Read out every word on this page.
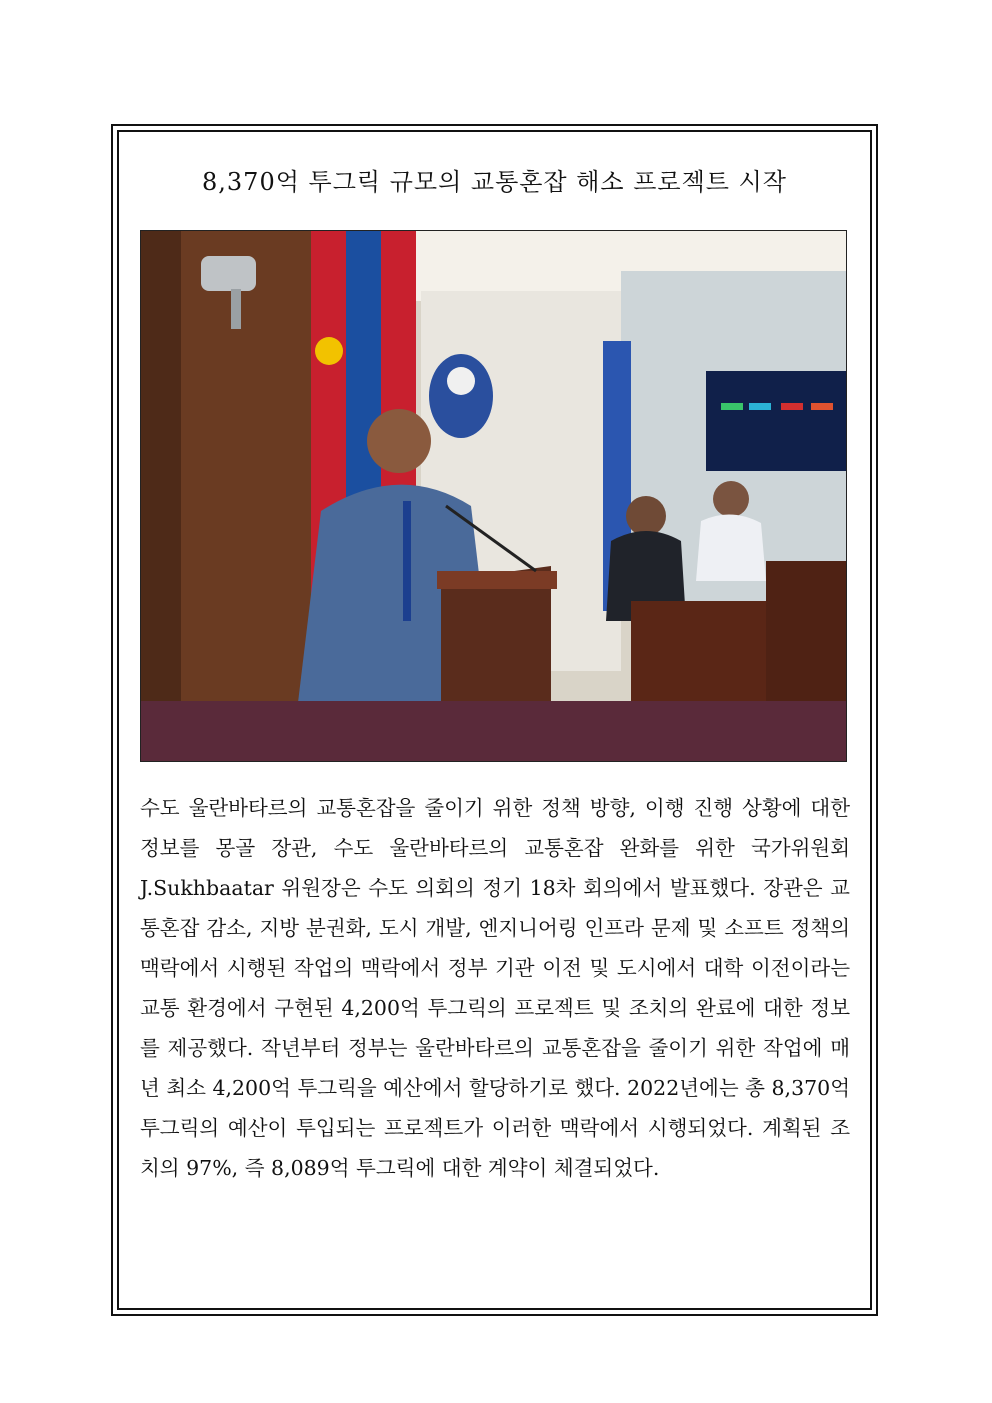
8,370억 투그릭 규모의 교통혼잡 해소 프로젝트 시작

수도 울란바타르의 교통혼잡을 줄이기 위한 정책 방향, 이행 진행 상황에 대한 정보를 몽골 장관, 수도 울란바타르의 교통혼잡 완화를 위한 국가위원회 J.Sukhbaatar 위원장은 수도 의회의 정기 18차 회의에서 발표했다. 장관은 교통혼잡 감소, 지방 분권화, 도시 개발, 엔지니어링 인프라 문제 및 소프트 정책의 맥락에서 시행된 작업의 맥락에서 정부 기관 이전 및 도시에서 대학 이전이라는 교통 환경에서 구현된 4,200억 투그릭의 프로젝트 및 조치의 완료에 대한 정보를 제공했다. 작년부터 정부는 울란바타르의 교통혼잡을 줄이기 위한 작업에 매년 최소 4,200억 투그릭을 예산에서 할당하기로 했다. 2022년에는 총 8,370억 투그릭의 예산이 투입되는 프로젝트가 이러한 맥락에서 시행되었다. 계획된 조치의 97%, 즉 8,089억 투그릭에 대한 계약이 체결되었다.
